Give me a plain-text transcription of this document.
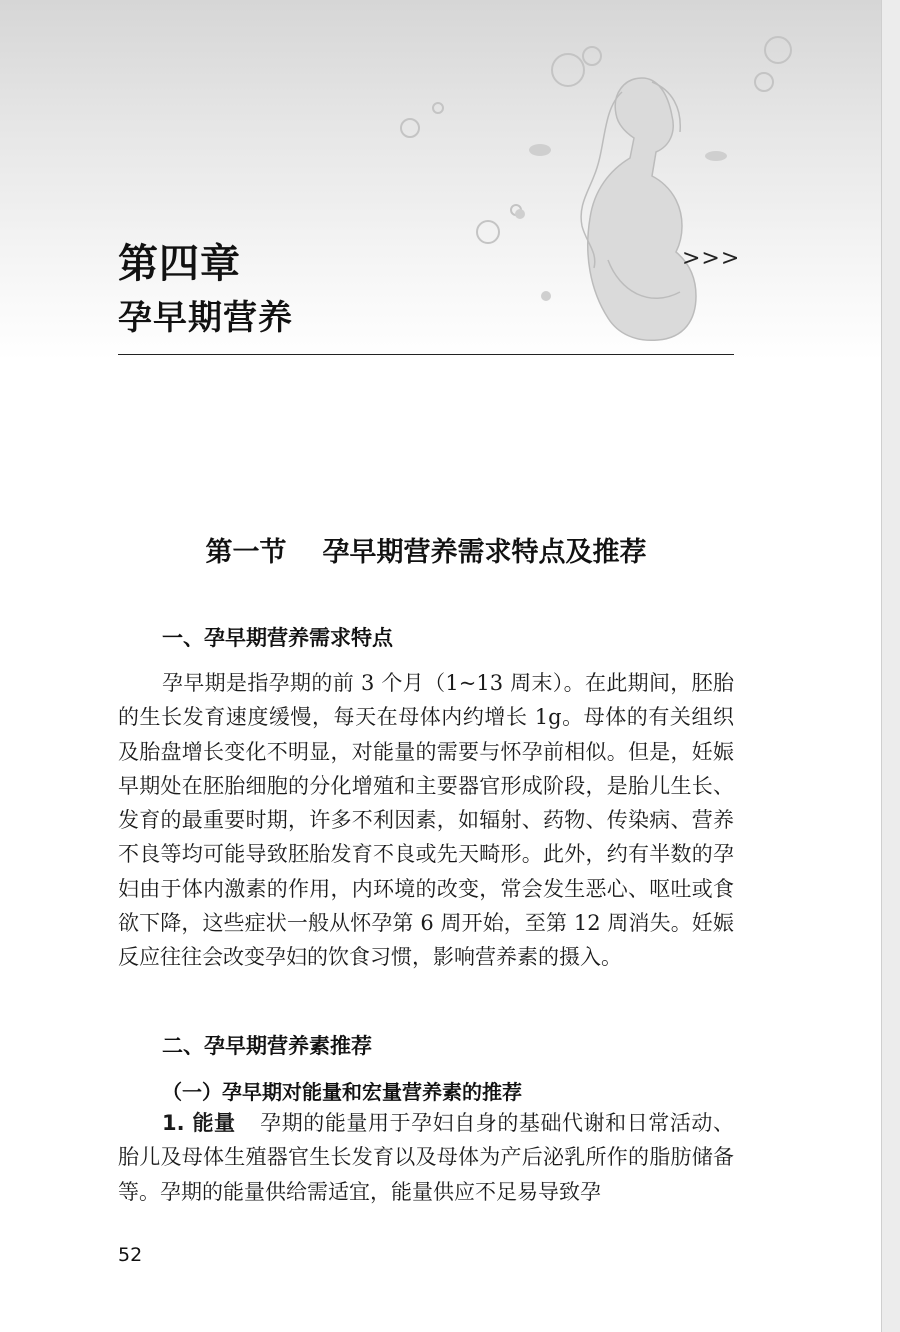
第四章
孕早期营养
>>>
第一节 孕早期营养需求特点及推荐
一、孕早期营养需求特点

孕早期是指孕期的前 3 个月（1~13 周末）。在此期间，胚胎的生长发育速度缓慢，每天在母体内约增长 1g。母体的有关组织及胎盘增长变化不明显，对能量的需要与怀孕前相似。但是，妊娠早期处在胚胎细胞的分化增殖和主要器官形成阶段，是胎儿生长、发育的最重要时期，许多不利因素，如辐射、药物、传染病、营养不良等均可能导致胚胎发育不良或先天畸形。此外，约有半数的孕妇由于体内激素的作用，内环境的改变，常会发生恶心、呕吐或食欲下降，这些症状一般从怀孕第 6 周开始，至第 12 周消失。妊娠反应往往会改变孕妇的饮食习惯，影响营养素的摄入。

二、孕早期营养素推荐
（一）孕早期对能量和宏量营养素的推荐

1. 能量 孕期的能量用于孕妇自身的基础代谢和日常活动、胎儿及母体生殖器官生长发育以及母体为产后泌乳所作的脂肪储备等。孕期的能量供给需适宜，能量供应不足易导致孕

52
